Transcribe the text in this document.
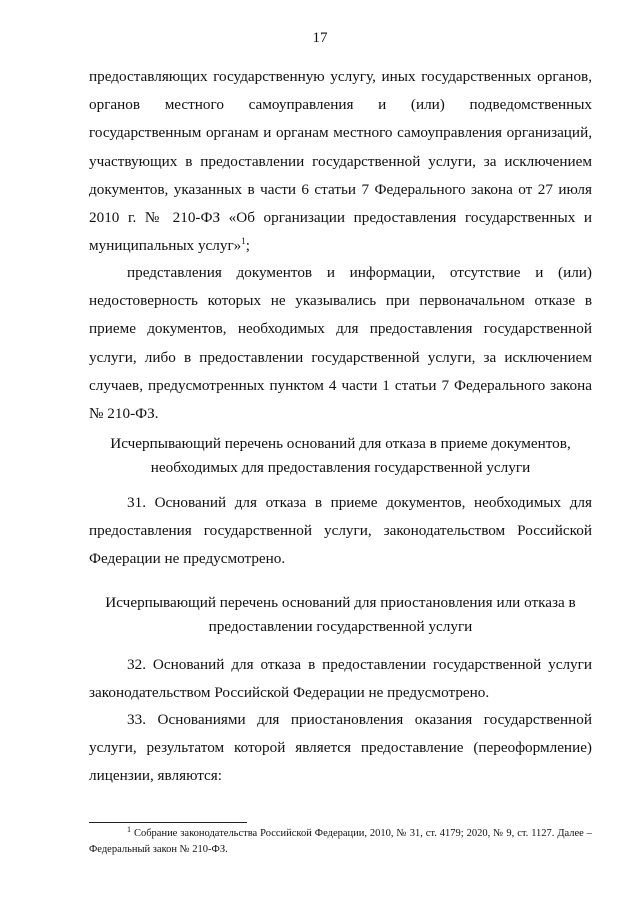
17

предоставляющих государственную услугу, иных государственных органов, органов местного самоуправления и (или) подведомственных государственным органам и органам местного самоуправления организаций, участвующих в предоставлении государственной услуги, за исключением документов, указанных в части 6 статьи 7 Федерального закона от 27 июля 2010 г. № 210-ФЗ «Об организации предоставления государственных и муниципальных услуг»$^1$;

представления документов и информации, отсутствие и (или) недостоверность которых не указывались при первоначальном отказе в приеме документов, необходимых для предоставления государственной услуги, либо в предоставлении государственной услуги, за исключением случаев, предусмотренных пунктом 4 части 1 статьи 7 Федерального закона № 210-ФЗ.

Исчерпывающий перечень оснований для отказа в приеме документов,
необходимых для предоставления государственной услуги

31. Оснований для отказа в приеме документов, необходимых для предоставления государственной услуги, законодательством Российской Федерации не предусмотрено.

Исчерпывающий перечень оснований для приостановления или отказа в
предоставлении государственной услуги

32. Оснований для отказа в предоставлении государственной услуги законодательством Российской Федерации не предусмотрено.

33. Основаниями для приостановления оказания государственной услуги, результатом которой является предоставление (переоформление) лицензии, являются:

$^1$ Собрание законодательства Российской Федерации, 2010, № 31, ст. 4179; 2020, № 9, ст. 1127. Далее – Федеральный закон № 210-ФЗ.
